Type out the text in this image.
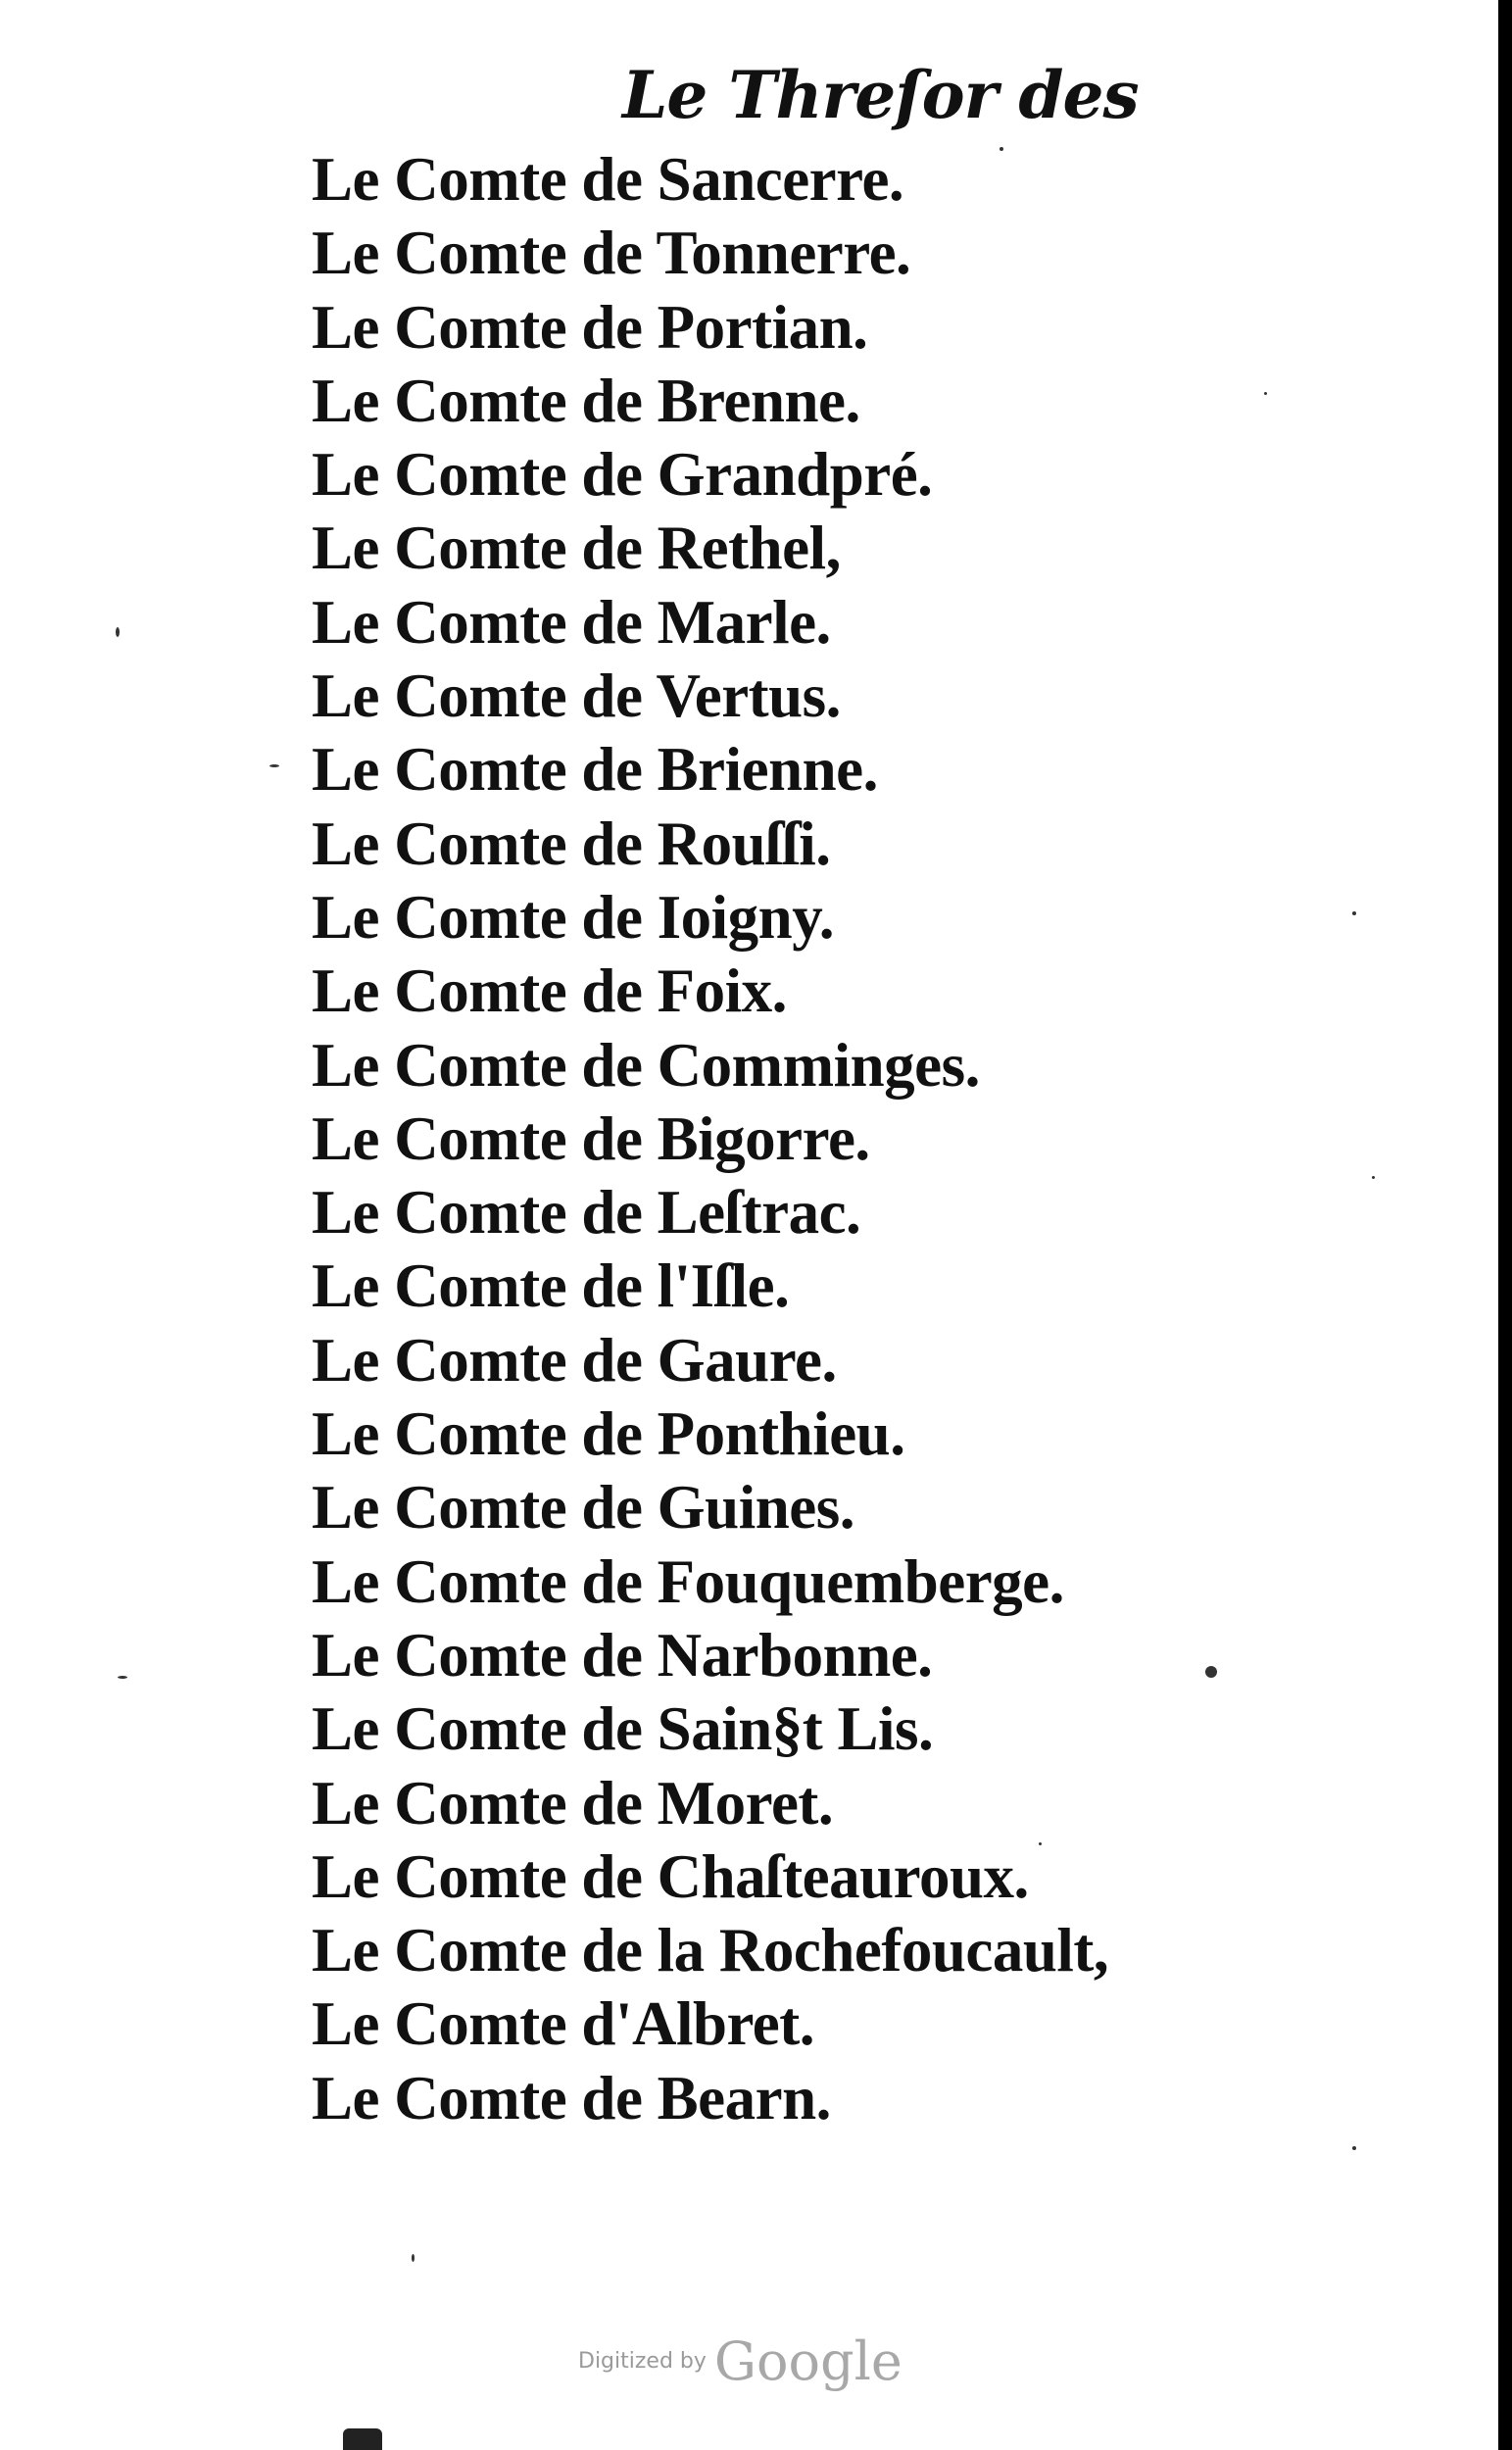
Le Threſor des
Le Comte de Sancerre.
Le Comte de Tonnerre.
Le Comte de Portian.
Le Comte de Brenne.
Le Comte de Grandpré.
Le Comte de Rethel,
Le Comte de Marle.
Le Comte de Vertus.
Le Comte de Brienne.
Le Comte de Rouſſi.
Le Comte de Ioigny.
Le Comte de Foix.
Le Comte de Comminges.
Le Comte de Bigorre.
Le Comte de Leſtrac.
Le Comte de l'Iſle.
Le Comte de Gaure.
Le Comte de Ponthieu.
Le Comte de Guines.
Le Comte de Fouquemberge.
Le Comte de Narbonne.
Le Comte de Sain§t Lis.
Le Comte de Moret.
Le Comte de Chaſteauroux.
Le Comte de la Rochefoucault,
Le Comte d'Albret.
Le Comte de Bearn.
Digitized by Google
